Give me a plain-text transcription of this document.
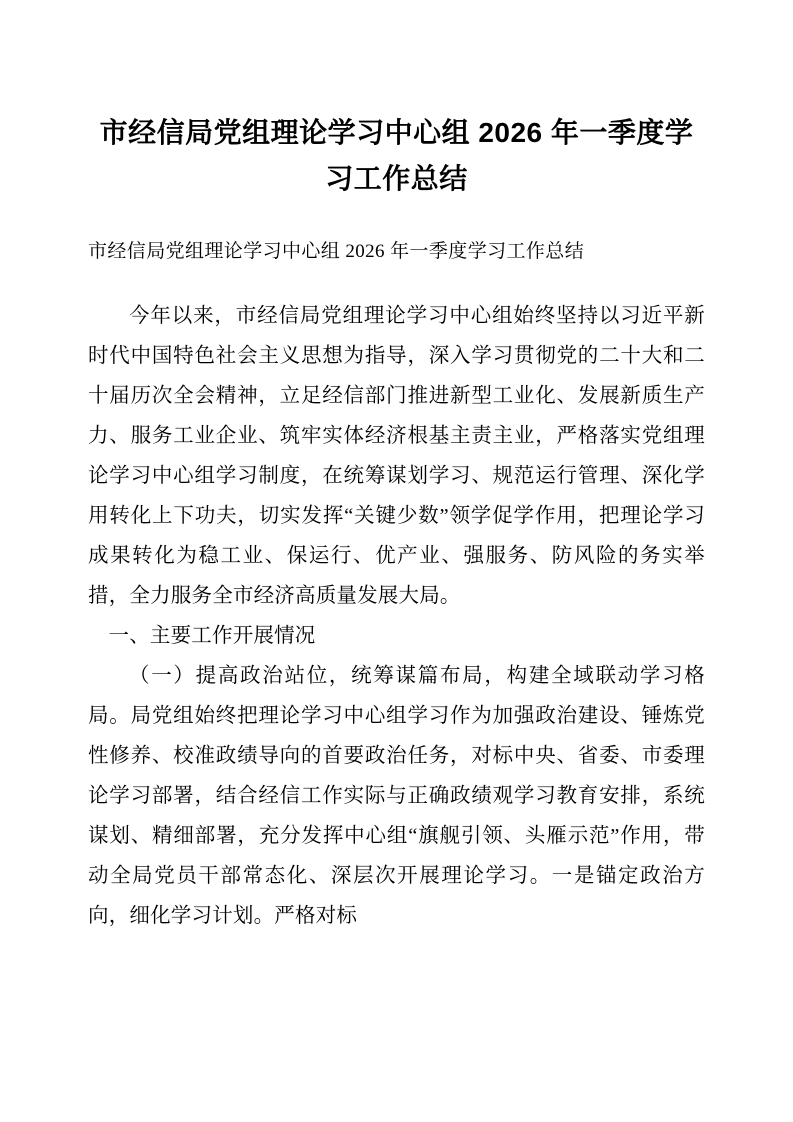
市经信局党组理论学习中心组 2026 年一季度学习工作总结
市经信局党组理论学习中心组 2026 年一季度学习工作总结

今年以来，市经信局党组理论学习中心组始终坚持以习近平新时代中国特色社会主义思想为指导，深入学习贯彻党的二十大和二十届历次全会精神，立足经信部门推进新型工业化、发展新质生产力、服务工业企业、筑牢实体经济根基主责主业，严格落实党组理论学习中心组学习制度，在统筹谋划学习、规范运行管理、深化学用转化上下功夫，切实发挥“关键少数”领学促学作用，把理论学习成果转化为稳工业、保运行、优产业、强服务、防风险的务实举措，全力服务全市经济高质量发展大局。

一、主要工作开展情况

（一）提高政治站位，统筹谋篇布局，构建全域联动学习格局。局党组始终把理论学习中心组学习作为加强政治建设、锤炼党性修养、校准政绩导向的首要政治任务，对标中央、省委、市委理论学习部署，结合经信工作实际与正确政绩观学习教育安排，系统谋划、精细部署，充分发挥中心组“旗舰引领、头雁示范”作用，带动全局党员干部常态化、深层次开展理论学习。一是锚定政治方向，细化学习计划。严格对标
